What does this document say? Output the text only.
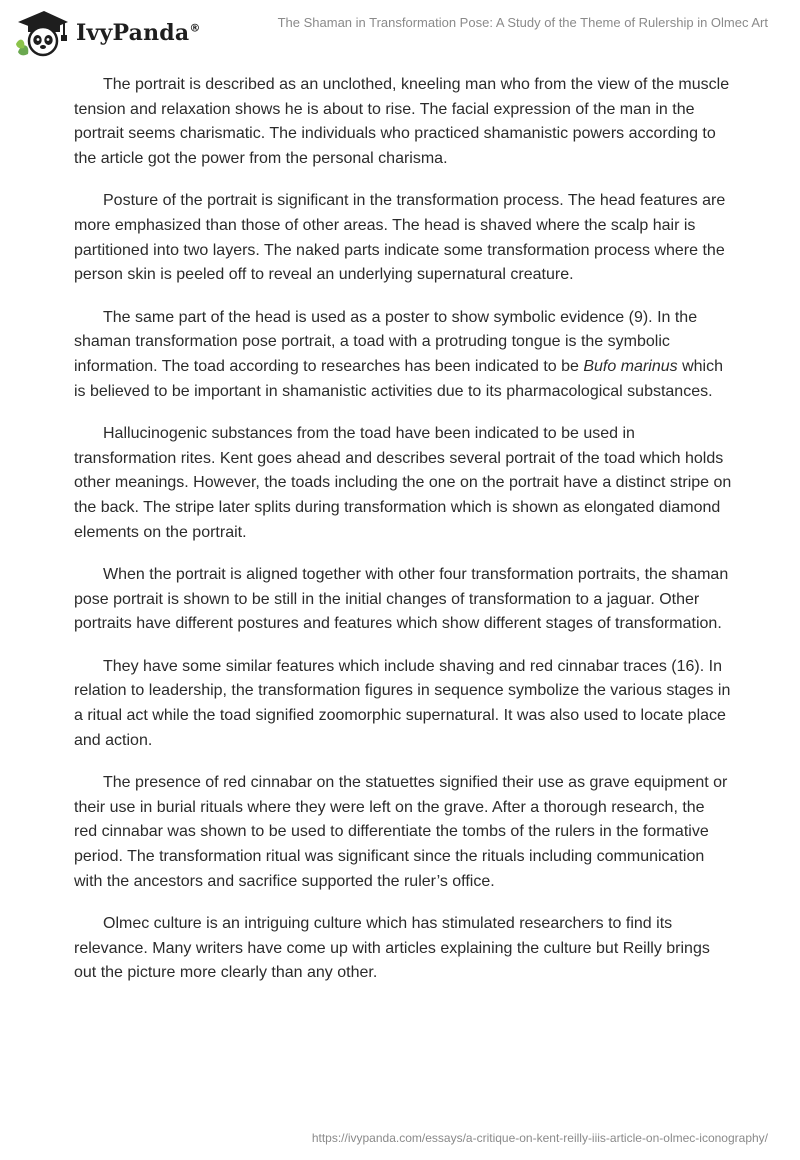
IvyPanda®	The Shaman in Transformation Pose: A Study of the Theme of Rulership in Olmec Art

The portrait is described as an unclothed, kneeling man who from the view of the muscle tension and relaxation shows he is about to rise. The facial expression of the man in the portrait seems charismatic. The individuals who practiced shamanistic powers according to the article got the power from the personal charisma.

Posture of the portrait is significant in the transformation process. The head features are more emphasized than those of other areas. The head is shaved where the scalp hair is partitioned into two layers. The naked parts indicate some transformation process where the person skin is peeled off to reveal an underlying supernatural creature.

The same part of the head is used as a poster to show symbolic evidence (9). In the shaman transformation pose portrait, a toad with a protruding tongue is the symbolic information. The toad according to researches has been indicated to be Bufo marinus which is believed to be important in shamanistic activities due to its pharmacological substances.

Hallucinogenic substances from the toad have been indicated to be used in transformation rites. Kent goes ahead and describes several portrait of the toad which holds other meanings. However, the toads including the one on the portrait have a distinct stripe on the back. The stripe later splits during transformation which is shown as elongated diamond elements on the portrait.

When the portrait is aligned together with other four transformation portraits, the shaman pose portrait is shown to be still in the initial changes of transformation to a jaguar. Other portraits have different postures and features which show different stages of transformation.

They have some similar features which include shaving and red cinnabar traces (16). In relation to leadership, the transformation figures in sequence symbolize the various stages in a ritual act while the toad signified zoomorphic supernatural. It was also used to locate place and action.

The presence of red cinnabar on the statuettes signified their use as grave equipment or their use in burial rituals where they were left on the grave. After a thorough research, the red cinnabar was shown to be used to differentiate the tombs of the rulers in the formative period. The transformation ritual was significant since the rituals including communication with the ancestors and sacrifice supported the ruler’s office.

Olmec culture is an intriguing culture which has stimulated researchers to find its relevance. Many writers have come up with articles explaining the culture but Reilly brings out the picture more clearly than any other.

https://ivypanda.com/essays/a-critique-on-kent-reilly-iiis-article-on-olmec-iconography/
